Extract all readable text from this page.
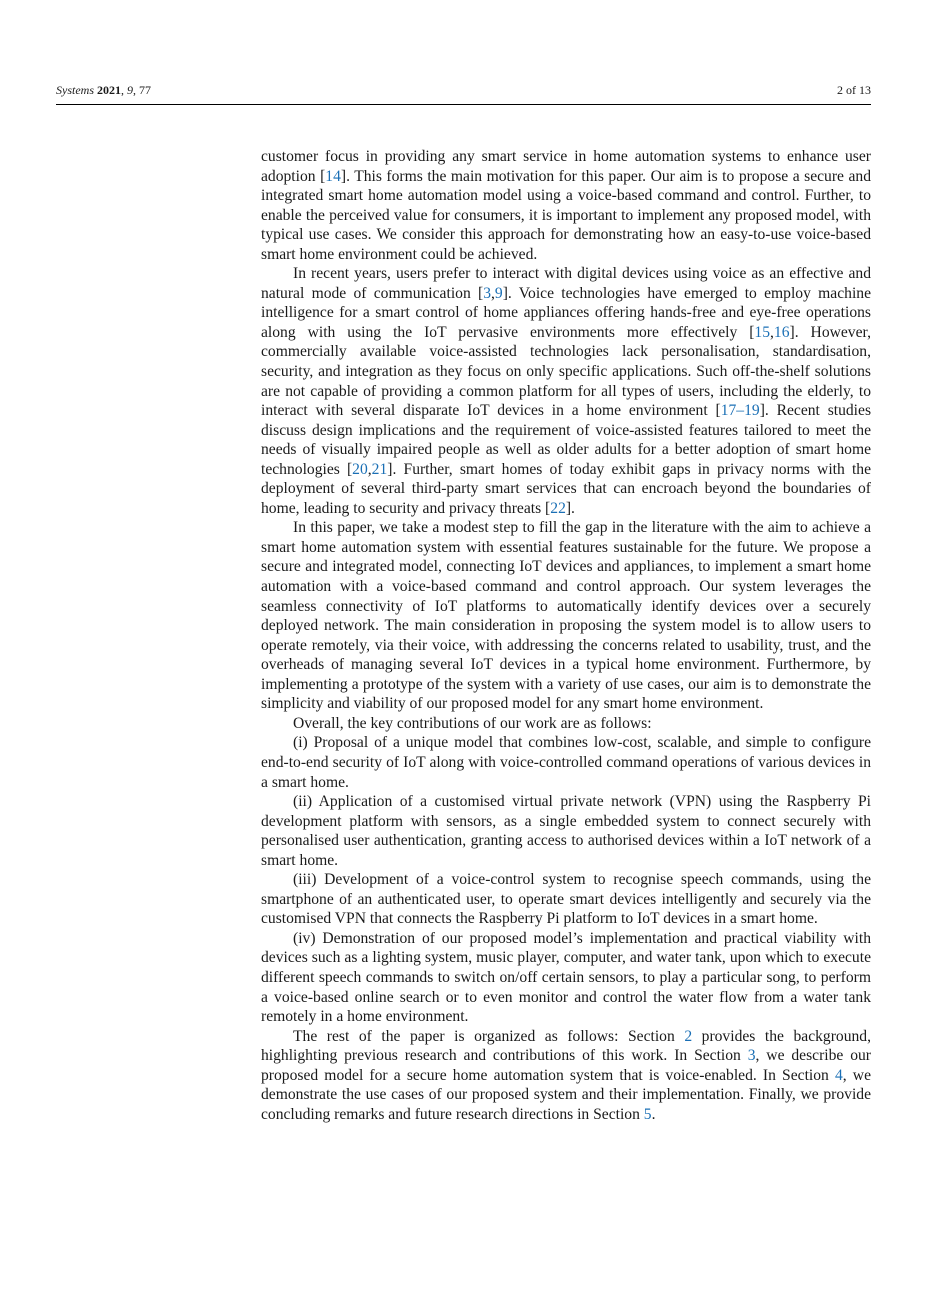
Systems 2021, 9, 77	2 of 13

customer focus in providing any smart service in home automation systems to enhance user adoption [14]. This forms the main motivation for this paper. Our aim is to propose a secure and integrated smart home automation model using a voice-based command and control. Further, to enable the perceived value for consumers, it is important to implement any proposed model, with typical use cases. We consider this approach for demonstrating how an easy-to-use voice-based smart home environment could be achieved.

In recent years, users prefer to interact with digital devices using voice as an effective and natural mode of communication [3,9]. Voice technologies have emerged to employ machine intelligence for a smart control of home appliances offering hands-free and eye-free operations along with using the IoT pervasive environments more effectively [15,16]. However, commercially available voice-assisted technologies lack personalisation, standardisation, security, and integration as they focus on only specific applications. Such off-the-shelf solutions are not capable of providing a common platform for all types of users, including the elderly, to interact with several disparate IoT devices in a home environment [17–19]. Recent studies discuss design implications and the requirement of voice-assisted features tailored to meet the needs of visually impaired people as well as older adults for a better adoption of smart home technologies [20,21]. Further, smart homes of today exhibit gaps in privacy norms with the deployment of several third-party smart services that can encroach beyond the boundaries of home, leading to security and privacy threats [22].

In this paper, we take a modest step to fill the gap in the literature with the aim to achieve a smart home automation system with essential features sustainable for the future. We propose a secure and integrated model, connecting IoT devices and appliances, to implement a smart home automation with a voice-based command and control approach. Our system leverages the seamless connectivity of IoT platforms to automatically identify devices over a securely deployed network. The main consideration in proposing the system model is to allow users to operate remotely, via their voice, with addressing the concerns related to usability, trust, and the overheads of managing several IoT devices in a typical home environment. Furthermore, by implementing a prototype of the system with a variety of use cases, our aim is to demonstrate the simplicity and viability of our proposed model for any smart home environment.

Overall, the key contributions of our work are as follows:

(i) Proposal of a unique model that combines low-cost, scalable, and simple to configure end-to-end security of IoT along with voice-controlled command operations of various devices in a smart home.

(ii) Application of a customised virtual private network (VPN) using the Raspberry Pi development platform with sensors, as a single embedded system to connect securely with personalised user authentication, granting access to authorised devices within a IoT network of a smart home.

(iii) Development of a voice-control system to recognise speech commands, using the smartphone of an authenticated user, to operate smart devices intelligently and securely via the customised VPN that connects the Raspberry Pi platform to IoT devices in a smart home.

(iv) Demonstration of our proposed model’s implementation and practical viability with devices such as a lighting system, music player, computer, and water tank, upon which to execute different speech commands to switch on/off certain sensors, to play a particular song, to perform a voice-based online search or to even monitor and control the water flow from a water tank remotely in a home environment.

The rest of the paper is organized as follows: Section 2 provides the background, highlighting previous research and contributions of this work. In Section 3, we describe our proposed model for a secure home automation system that is voice-enabled. In Section 4, we demonstrate the use cases of our proposed system and their implementation. Finally, we provide concluding remarks and future research directions in Section 5.
